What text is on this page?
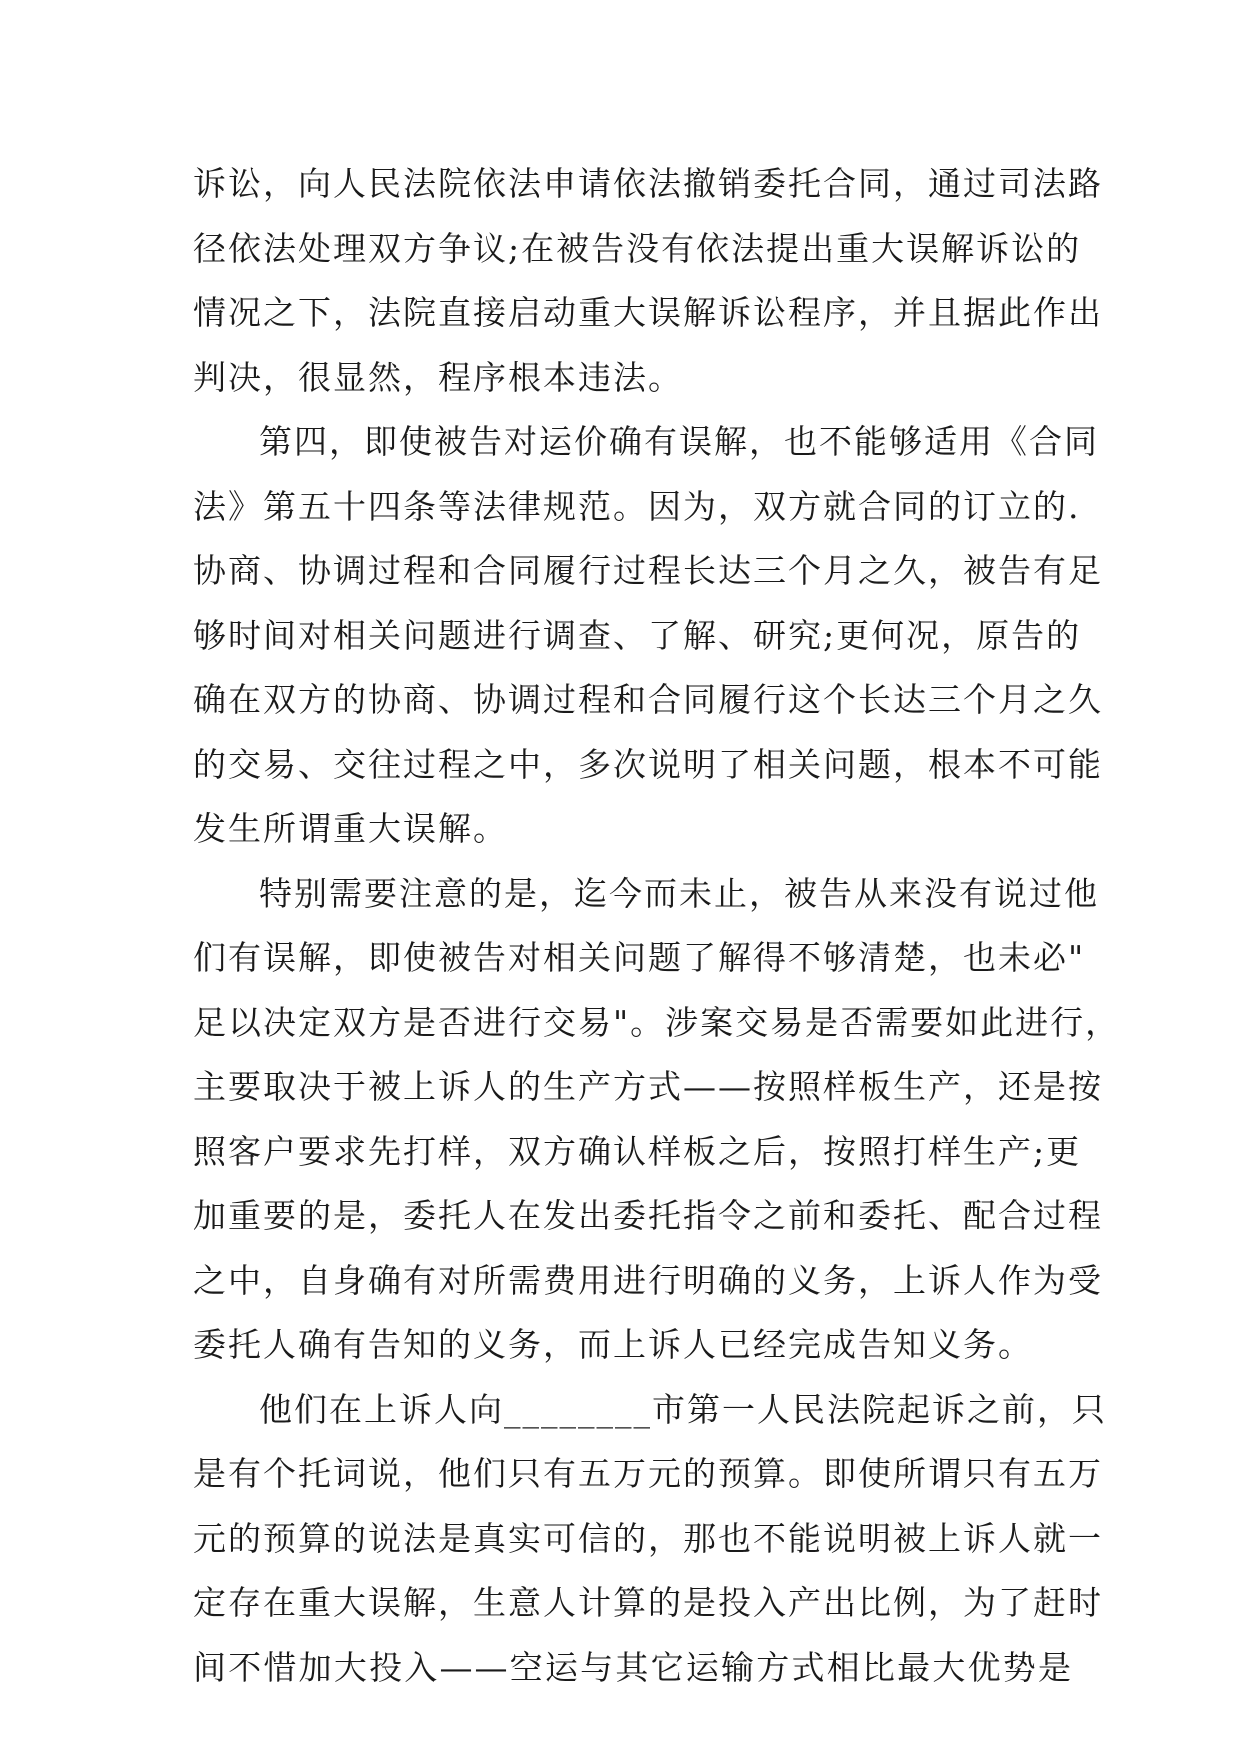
诉讼，向人民法院依法申请依法撤销委托合同，通过司法路
径依法处理双方争议;在被告没有依法提出重大误解诉讼的
情况之下，法院直接启动重大误解诉讼程序，并且据此作出
判决，很显然，程序根本违法。
第四，即使被告对运价确有误解，也不能够适用《合同
法》第五十四条等法律规范。因为，双方就合同的订立的.
协商、协调过程和合同履行过程长达三个月之久，被告有足
够时间对相关问题进行调查、了解、研究;更何况，原告的
确在双方的协商、协调过程和合同履行这个长达三个月之久
的交易、交往过程之中，多次说明了相关问题，根本不可能
发生所谓重大误解。
特别需要注意的是，迄今而未止，被告从来没有说过他
们有误解，即使被告对相关问题了解得不够清楚，也未必"
足以决定双方是否进行交易"。涉案交易是否需要如此进行，
主要取决于被上诉人的生产方式——按照样板生产，还是按
照客户要求先打样，双方确认样板之后，按照打样生产;更
加重要的是，委托人在发出委托指令之前和委托、配合过程
之中，自身确有对所需费用进行明确的义务，上诉人作为受
委托人确有告知的义务，而上诉人已经完成告知义务。
他们在上诉人向________市第一人民法院起诉之前，只
是有个托词说，他们只有五万元的预算。即使所谓只有五万
元的预算的说法是真实可信的，那也不能说明被上诉人就一
定存在重大误解，生意人计算的是投入产出比例，为了赶时
间不惜加大投入——空运与其它运输方式相比最大优势是
